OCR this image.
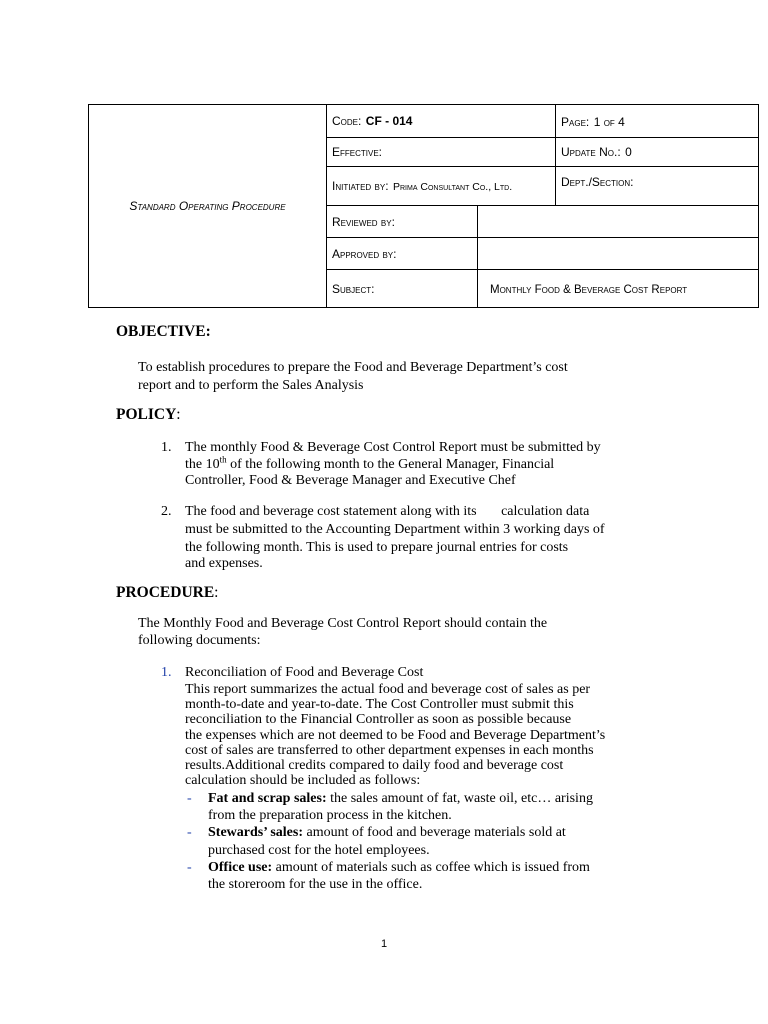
Standard Operating Procedure	Code: CF - 014		Page: 1 of 4
	Effective:		Update No.: 0
	Initiated by: Prima Consultant Co., Ltd.		Dept./Section:
	Reviewed by:		
	Approved by:		
	Subject:	Monthly Food & Beverage Cost Report	
OBJECTIVE:
To establish procedures to prepare the Food and Beverage Department’s cost
report and to perform the Sales Analysis
POLICY:
1. The monthly Food & Beverage Cost Control Report must be submitted by
the 10th of the following month to the General Manager, Financial
Controller, Food & Beverage Manager and Executive Chef
2. The food and beverage cost statement along with its       calculation data
must be submitted to the Accounting Department within 3 working days of
the following month. This is used to prepare journal entries for costs
and expenses.
PROCEDURE:
The Monthly Food and Beverage Cost Control Report should contain the
following documents:
1. Reconciliation of Food and Beverage Cost
This report summarizes the actual food and beverage cost of sales as per
month-to-date and year-to-date. The Cost Controller must submit this
reconciliation to the Financial Controller as soon as possible because
the expenses which are not deemed to be Food and Beverage Department’s
cost of sales are transferred to other department expenses in each months
results.Additional credits compared to daily food and beverage cost
calculation should be included as follows:
- Fat and scrap sales: the sales amount of fat, waste oil, etc… arising
from the preparation process in the kitchen.
- Stewards’ sales: amount of food and beverage materials sold at
purchased cost for the hotel employees.
- Office use: amount of materials such as coffee which is issued from
the storeroom for the use in the office.
1
